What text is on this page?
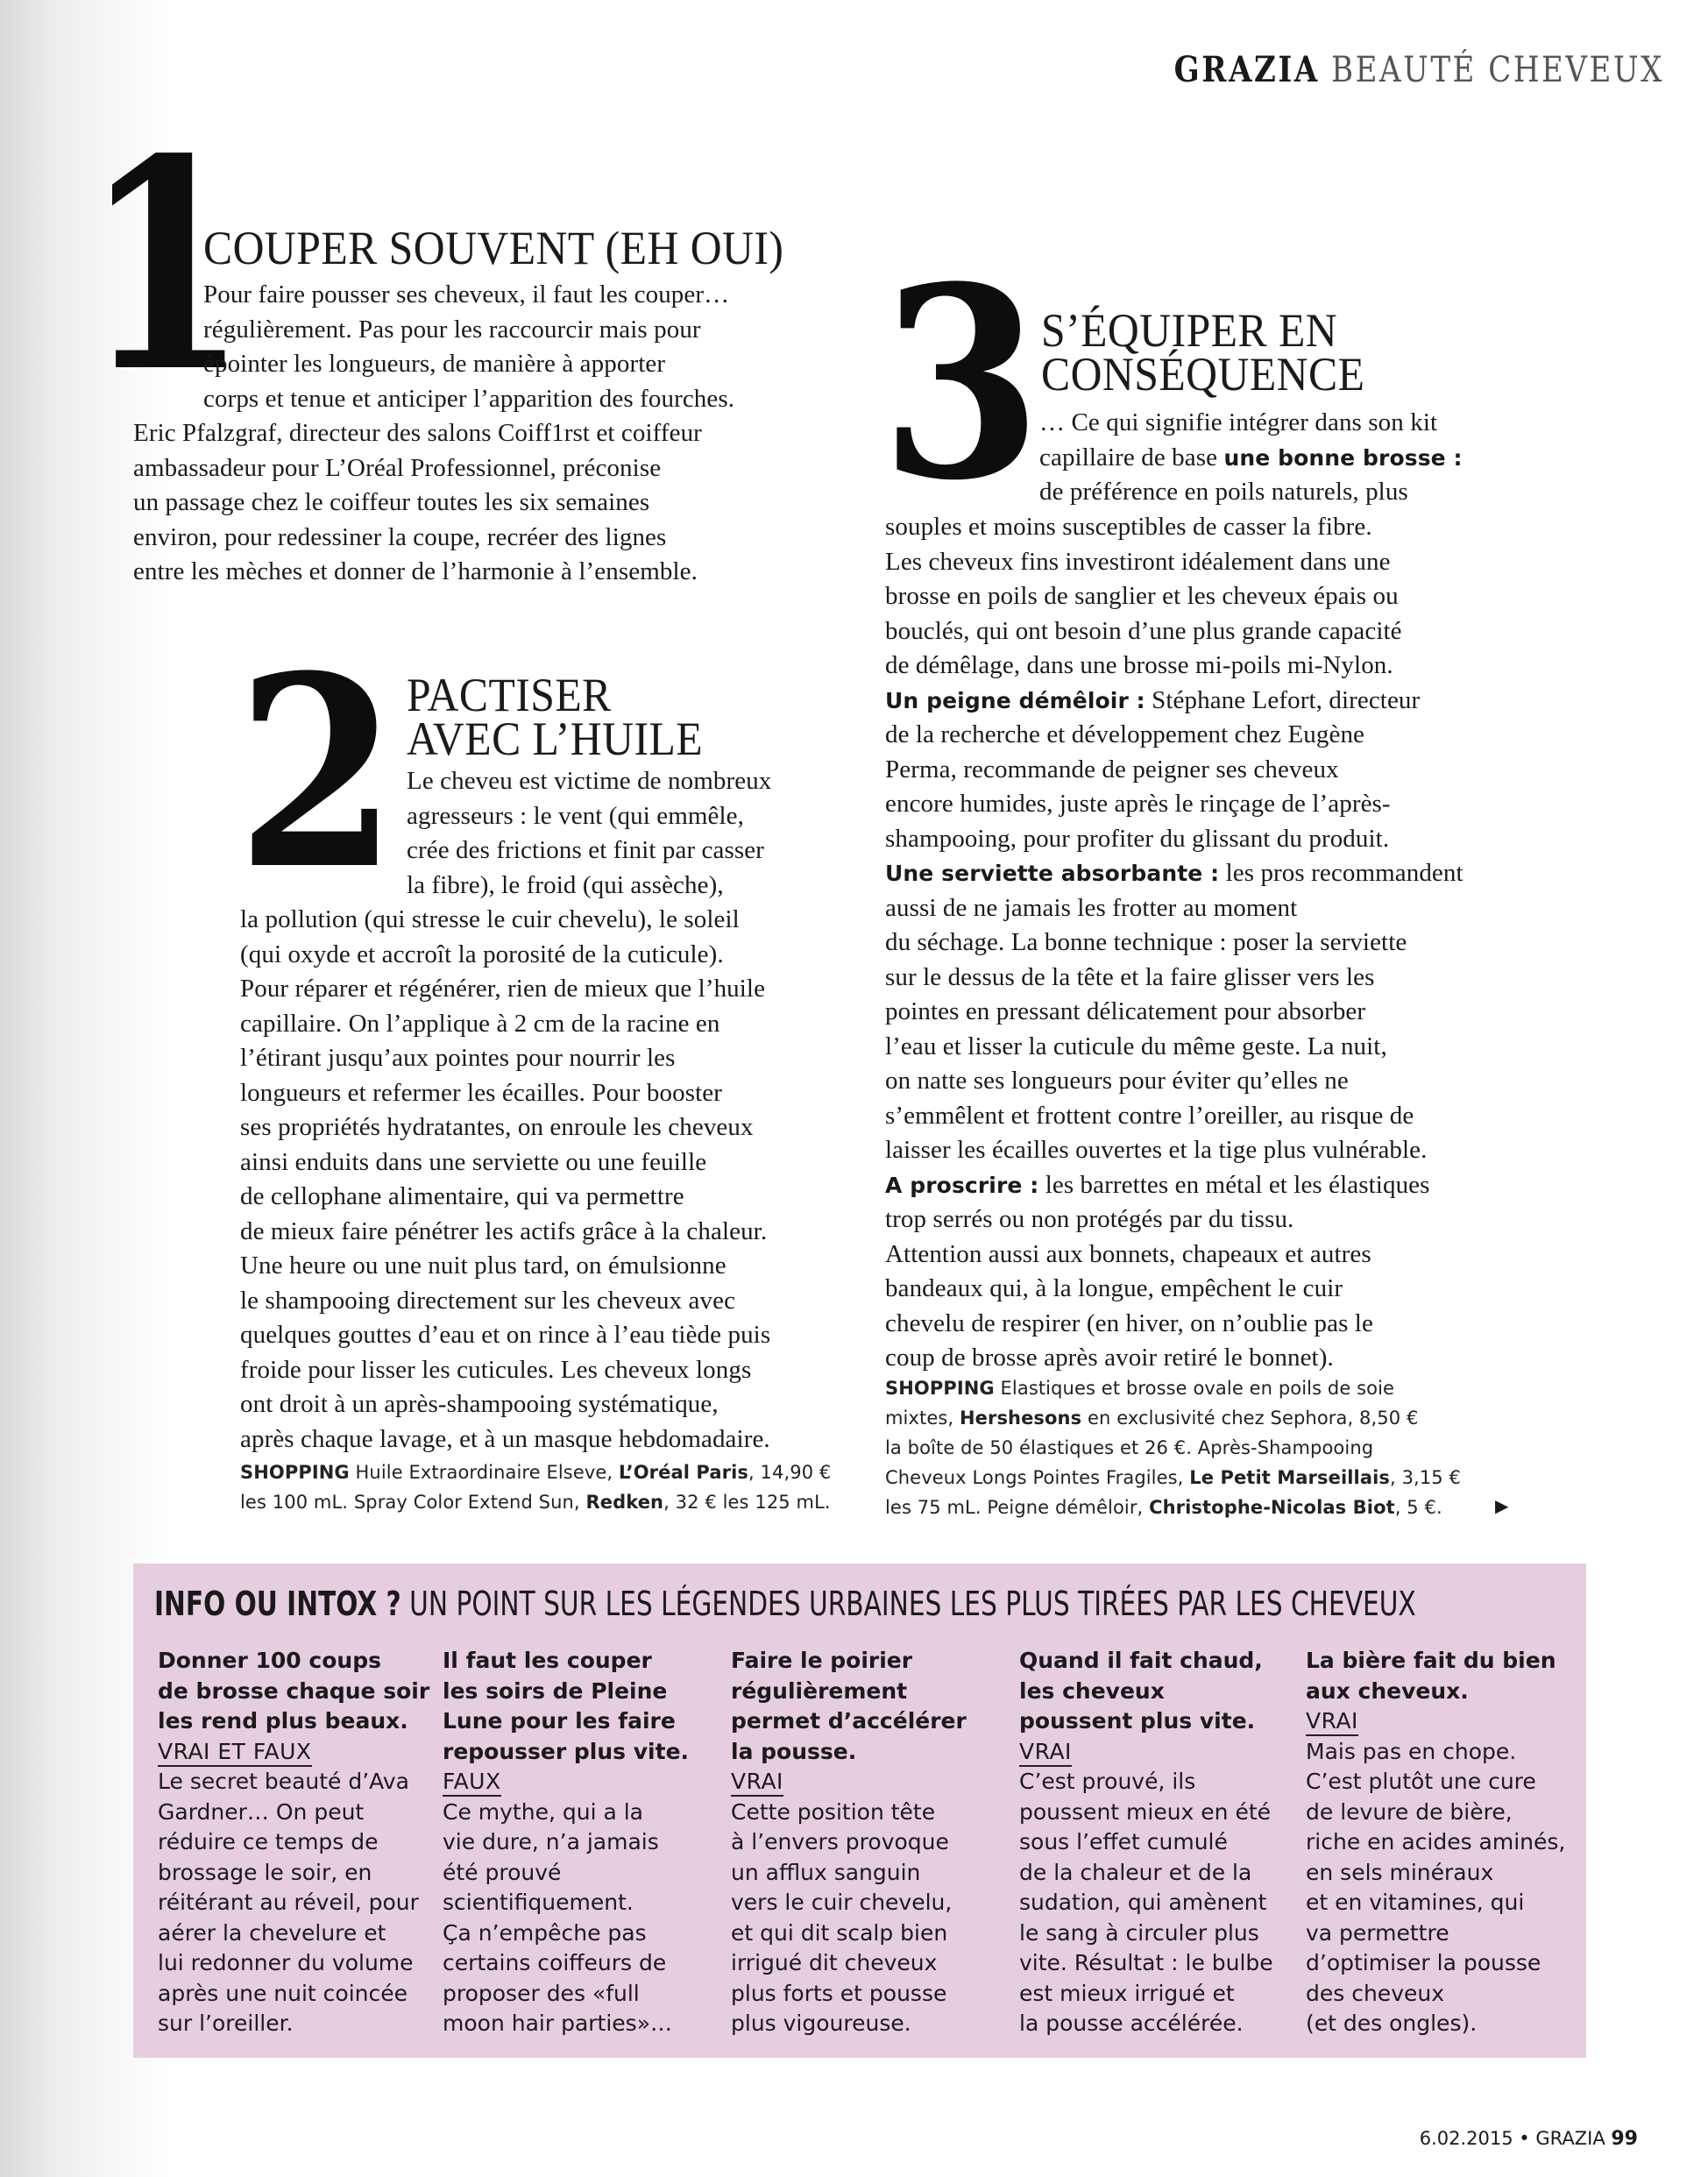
GRAZIA BEAUTÉ CHEVEUX
1
COUPER SOUVENT (EH OUI)

Pour faire pousser ses cheveux, il faut les couper…

régulièrement. Pas pour les raccourcir mais pour

épointer les longueurs, de manière à apporter

corps et tenue et anticiper l’apparition des fourches.

Eric Pfalzgraf, directeur des salons Coiff1rst et coiffeur

ambassadeur pour L’Oréal Professionnel, préconise

un passage chez le coiffeur toutes les six semaines

environ, pour redessiner la coupe, recréer des lignes

entre les mèches et donner de l’harmonie à l’ensemble.

2 PACTISER
AVEC L’HUILE

Le cheveu est victime de nombreux

agresseurs : le vent (qui emmêle,

crée des frictions et finit par casser

la fibre), le froid (qui assèche),

la pollution (qui stresse le cuir chevelu), le soleil

(qui oxyde et accroît la porosité de la cuticule).

Pour réparer et régénérer, rien de mieux que l’huile

capillaire. On l’applique à 2 cm de la racine en

l’étirant jusqu’aux pointes pour nourrir les

longueurs et refermer les écailles. Pour booster

ses propriétés hydratantes, on enroule les cheveux

ainsi enduits dans une serviette ou une feuille

de cellophane alimentaire, qui va permettre

de mieux faire pénétrer les actifs grâce à la chaleur.

Une heure ou une nuit plus tard, on émulsionne

le shampooing directement sur les cheveux avec

quelques gouttes d’eau et on rince à l’eau tiède puis

froide pour lisser les cuticules. Les cheveux longs

ont droit à un après-shampooing systématique,

après chaque lavage, et à un masque hebdomadaire.

SHOPPING Huile Extraordinaire Elseve, L’Oréal Paris, 14,90 €
les 100 mL. Spray Color Extend Sun, Redken, 32 € les 125 mL.
3 S’ÉQUIPER EN
CONSÉQUENCE

… Ce qui signifie intégrer dans son kit

capillaire de base une bonne brosse :

de préférence en poils naturels, plus

souples et moins susceptibles de casser la fibre.

Les cheveux fins investiront idéalement dans une

brosse en poils de sanglier et les cheveux épais ou

bouclés, qui ont besoin d’une plus grande capacité

de démêlage, dans une brosse mi-poils mi-Nylon.

Un peigne démêloir : Stéphane Lefort, directeur

de la recherche et développement chez Eugène

Perma, recommande de peigner ses cheveux

encore humides, juste après le rinçage de l’après-

shampooing, pour profiter du glissant du produit.

Une serviette absorbante : les pros recommandent

aussi de ne jamais les frotter au moment

du séchage. La bonne technique : poser la serviette

sur le dessus de la tête et la faire glisser vers les

pointes en pressant délicatement pour absorber

l’eau et lisser la cuticule du même geste. La nuit,

on natte ses longueurs pour éviter qu’elles ne

s’emmêlent et frottent contre l’oreiller, au risque de

laisser les écailles ouvertes et la tige plus vulnérable.

A proscrire : les barrettes en métal et les élastiques

trop serrés ou non protégés par du tissu.

Attention aussi aux bonnets, chapeaux et autres

bandeaux qui, à la longue, empêchent le cuir

chevelu de respirer (en hiver, on n’oublie pas le

coup de brosse après avoir retiré le bonnet).

SHOPPING Elastiques et brosse ovale en poils de soie
mixtes, Hershesons en exclusivité chez Sephora, 8,50 €
la boîte de 50 élastiques et 26 €. Après-Shampooing
Cheveux Longs Pointes Fragiles, Le Petit Marseillais, 3,15 €
les 75 mL. Peigne démêloir, Christophe-Nicolas Biot, 5 €.	▶
INFO OU INTOX ? UN POINT SUR LES LÉGENDES URBAINES LES PLUS TIRÉES PAR LES CHEVEUX

Donner 100 coups

de brosse chaque soir

les rend plus beaux.

VRAI ET FAUX

Le secret beauté d’Ava

Gardner… On peut

réduire ce temps de

brossage le soir, en

réitérant au réveil, pour

aérer la chevelure et

lui redonner du volume

après une nuit coincée

sur l’oreiller.

Il faut les couper

les soirs de Pleine

Lune pour les faire

repousser plus vite.

FAUX

Ce mythe, qui a la

vie dure, n’a jamais

été prouvé

scientifiquement.

Ça n’empêche pas

certains coiffeurs de

proposer des «full

moon hair parties»…

Faire le poirier

régulièrement

permet d’accélérer

la pousse.

VRAI

Cette position tête

à l’envers provoque

un afflux sanguin

vers le cuir chevelu,

et qui dit scalp bien

irrigué dit cheveux

plus forts et pousse

plus vigoureuse.

Quand il fait chaud,

les cheveux

poussent plus vite.

VRAI

C’est prouvé, ils

poussent mieux en été

sous l’effet cumulé

de la chaleur et de la

sudation, qui amènent

le sang à circuler plus

vite. Résultat : le bulbe

est mieux irrigué et

la pousse accélérée.

La bière fait du bien

aux cheveux.

VRAI

Mais pas en chope.

C’est plutôt une cure

de levure de bière,

riche en acides aminés,

en sels minéraux

et en vitamines, qui

va permettre

d’optimiser la pousse

des cheveux

(et des ongles).

6.02.2015 • GRAZIA 99
